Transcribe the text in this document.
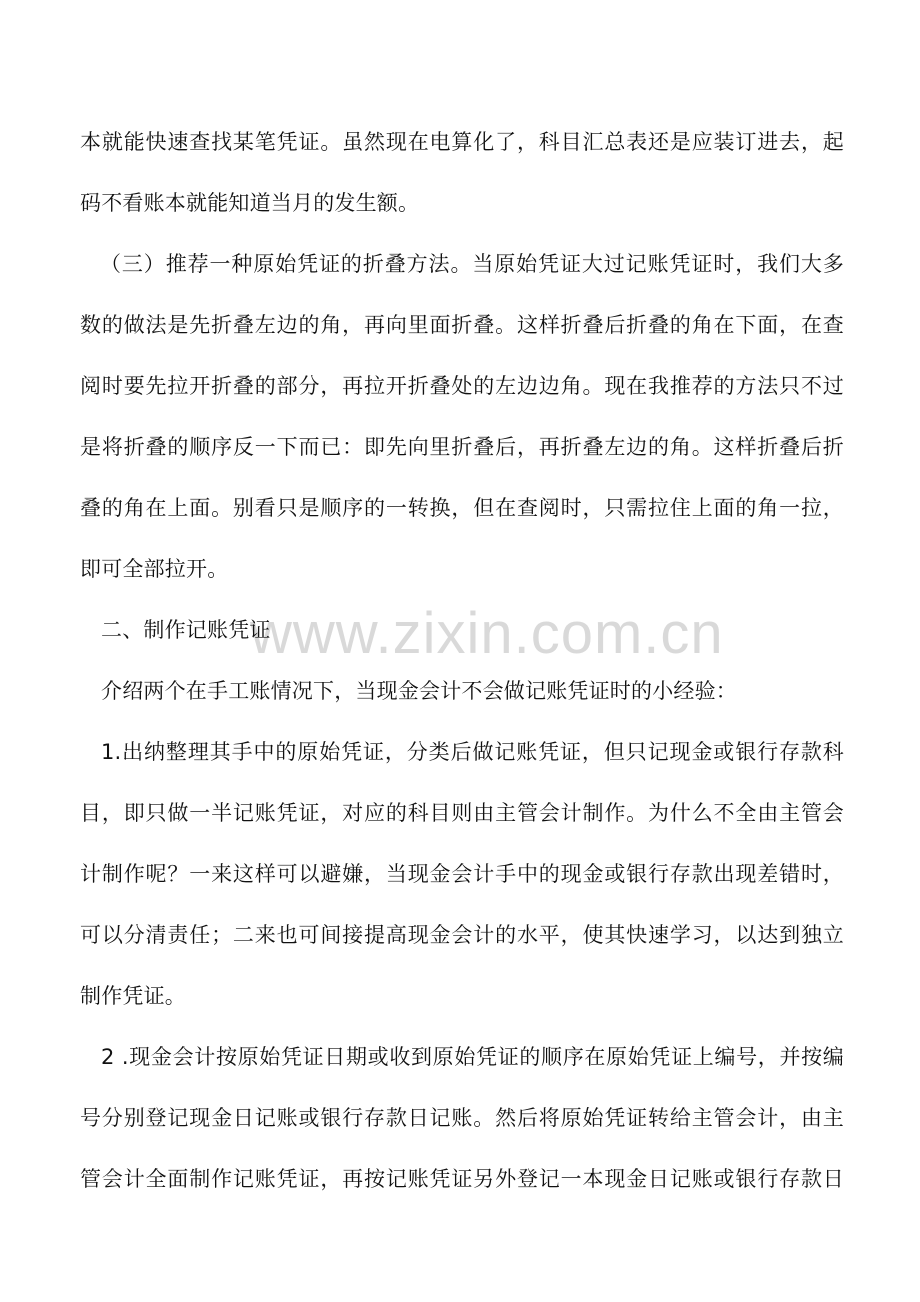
www.zixin.com.cn
本就能快速查找某笔凭证。虽然现在电算化了，科目汇总表还是应装订进去，起
码不看账本就能知道当月的发生额。
（三）推荐一种原始凭证的折叠方法。当原始凭证大过记账凭证时，我们大多
数的做法是先折叠左边的角，再向里面折叠。这样折叠后折叠的角在下面，在查
阅时要先拉开折叠的部分，再拉开折叠处的左边边角。现在我推荐的方法只不过
是将折叠的顺序反一下而已：即先向里折叠后，再折叠左边的角。这样折叠后折
叠的角在上面。别看只是顺序的一转换，但在查阅时，只需拉住上面的角一拉，
即可全部拉开。
二、制作记账凭证
介绍两个在手工账情况下，当现金会计不会做记账凭证时的小经验：
1.出纳整理其手中的原始凭证，分类后做记账凭证，但只记现金或银行存款科
目，即只做一半记账凭证，对应的科目则由主管会计制作。为什么不全由主管会
计制作呢？一来这样可以避嫌，当现金会计手中的现金或银行存款出现差错时，
可以分清责任；二来也可间接提高现金会计的水平，使其快速学习，以达到独立
制作凭证。
2 .现金会计按原始凭证日期或收到原始凭证的顺序在原始凭证上编号，并按编
号分别登记现金日记账或银行存款日记账。然后将原始凭证转给主管会计，由主
管会计全面制作记账凭证，再按记账凭证另外登记一本现金日记账或银行存款日
